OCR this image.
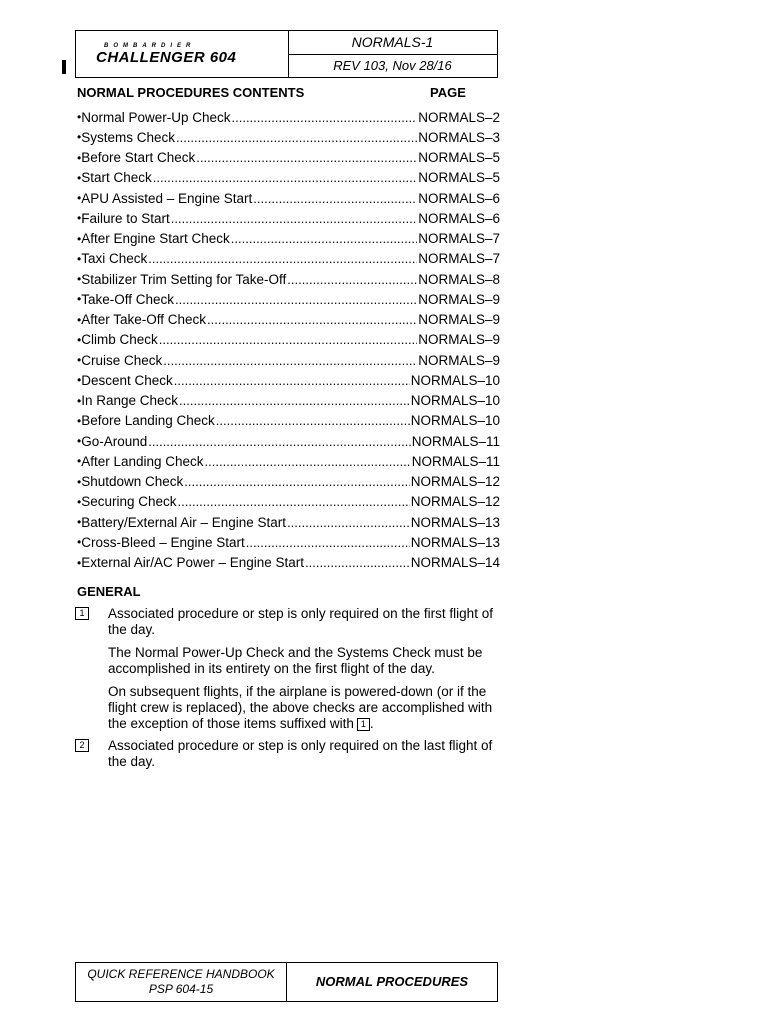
BOMBARDIER
CHALLENGER 604
NORMALS-1
REV 103, Nov 28/16
NORMAL PROCEDURES CONTENTS	PAGE
• Normal Power-Up Check .....	NORMALS–2
• Systems Check .....	NORMALS–3
• Before Start Check .....	NORMALS–5
• Start Check .....	NORMALS–5
• APU Assisted – Engine Start .....	NORMALS–6
• Failure to Start .....	NORMALS–6
• After Engine Start Check .....	NORMALS–7
• Taxi Check .....	NORMALS–7
• Stabilizer Trim Setting for Take-Off .....	NORMALS–8
• Take-Off Check .....	NORMALS–9
• After Take-Off Check .....	NORMALS–9
• Climb Check .....	NORMALS–9
• Cruise Check .....	NORMALS–9
• Descent Check .....	NORMALS–10
• In Range Check .....	NORMALS–10
• Before Landing Check .....	NORMALS–10
• Go-Around .....	NORMALS–11
• After Landing Check .....	NORMALS–11
• Shutdown Check .....	NORMALS–12
• Securing Check .....	NORMALS–12
• Battery/External Air – Engine Start .....	NORMALS–13
• Cross-Bleed – Engine Start .....	NORMALS–13
• External Air/AC Power – Engine Start .....	NORMALS–14
GENERAL
1	Associated procedure or step is only required on the first flight of the day.
The Normal Power-Up Check and the Systems Check must be accomplished in its entirety on the first flight of the day.
On subsequent flights, if the airplane is powered-down (or if the flight crew is replaced), the above checks are accomplished with the exception of those items suffixed with 1 .
2	Associated procedure or step is only required on the last flight of the day.
QUICK REFERENCE HANDBOOK
PSP 604-15	NORMAL PROCEDURES
